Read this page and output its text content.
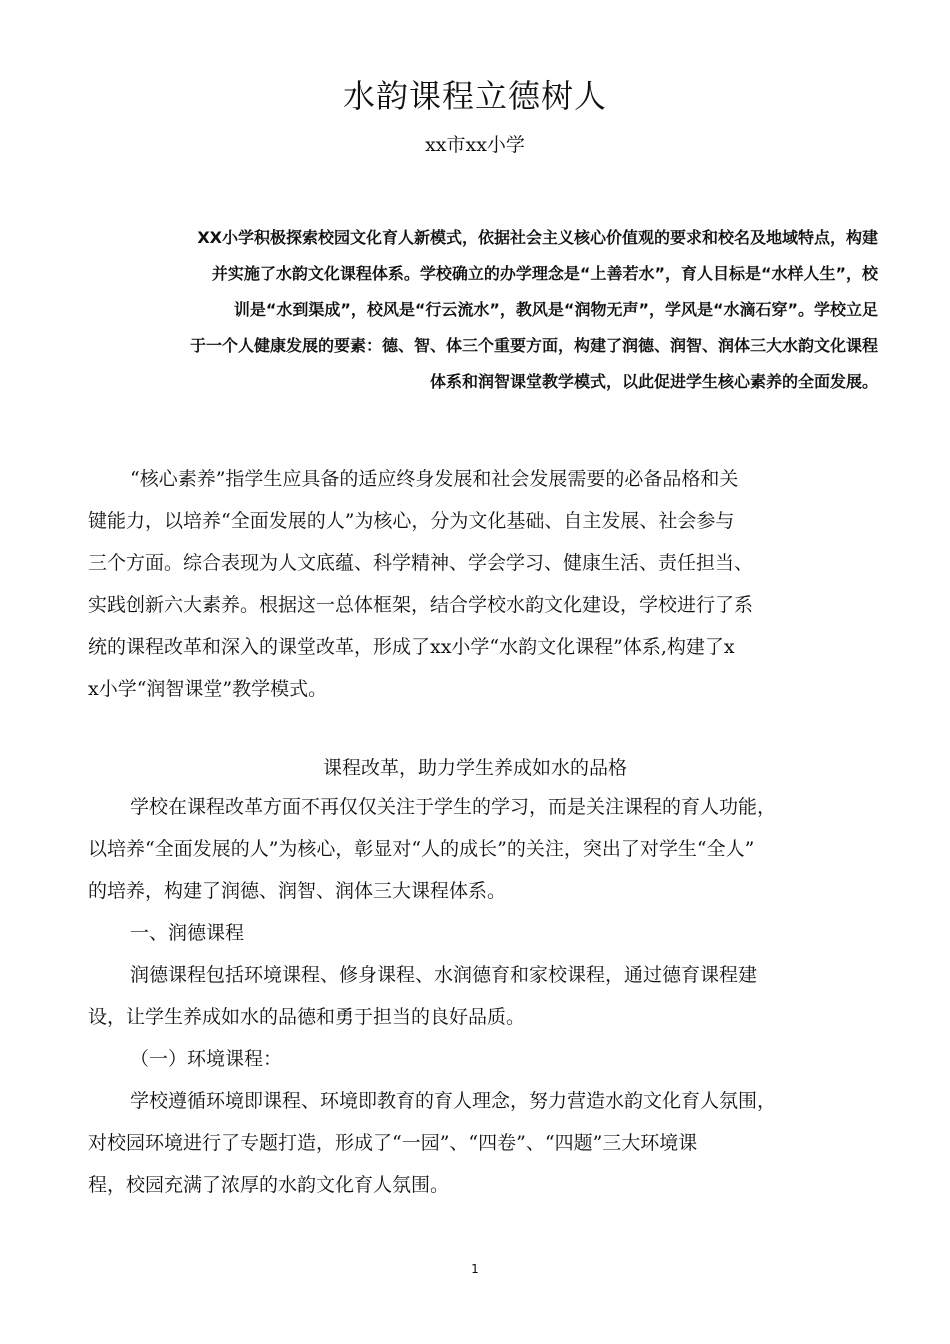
水韵课程立德树人
xx市xx小学
XX小学积极探索校园文化育人新模式，依据社会主义核心价值观的要求和校名及地域特点，构建
并实施了水韵文化课程体系。学校确立的办学理念是“上善若水”，育人目标是“水样人生”，校
训是“水到渠成”，校风是“行云流水”，教风是“润物无声”，学风是“水滴石穿”。学校立足
于一个人健康发展的要素：德、智、体三个重要方面，构建了润德、润智、润体三大水韵文化课程
体系和润智课堂教学模式，以此促进学生核心素养的全面发展。
“核心素养”指学生应具备的适应终身发展和社会发展需要的必备品格和关
键能力，以培养“全面发展的人”为核心，分为文化基础、自主发展、社会参与
三个方面。综合表现为人文底蕴、科学精神、学会学习、健康生活、责任担当、
实践创新六大素养。根据这一总体框架，结合学校水韵文化建设，学校进行了系
统的课程改革和深入的课堂改革，形成了xx小学“水韵文化课程”体系,构建了x
x小学“润智课堂”教学模式。
课程改革，助力学生养成如水的品格
学校在课程改革方面不再仅仅关注于学生的学习，而是关注课程的育人功能，
以培养“全面发展的人”为核心，彰显对“人的成长”的关注，突出了对学生“全人”
的培养，构建了润德、润智、润体三大课程体系。
一、润德课程
润德课程包括环境课程、修身课程、水润德育和家校课程，通过德育课程建
设，让学生养成如水的品德和勇于担当的良好品质。
（一）环境课程：
学校遵循环境即课程、环境即教育的育人理念，努力营造水韵文化育人氛围，
对校园环境进行了专题打造，形成了“一园”、“四卷”、“四题”三大环境课
程，校园充满了浓厚的水韵文化育人氛围。
1
